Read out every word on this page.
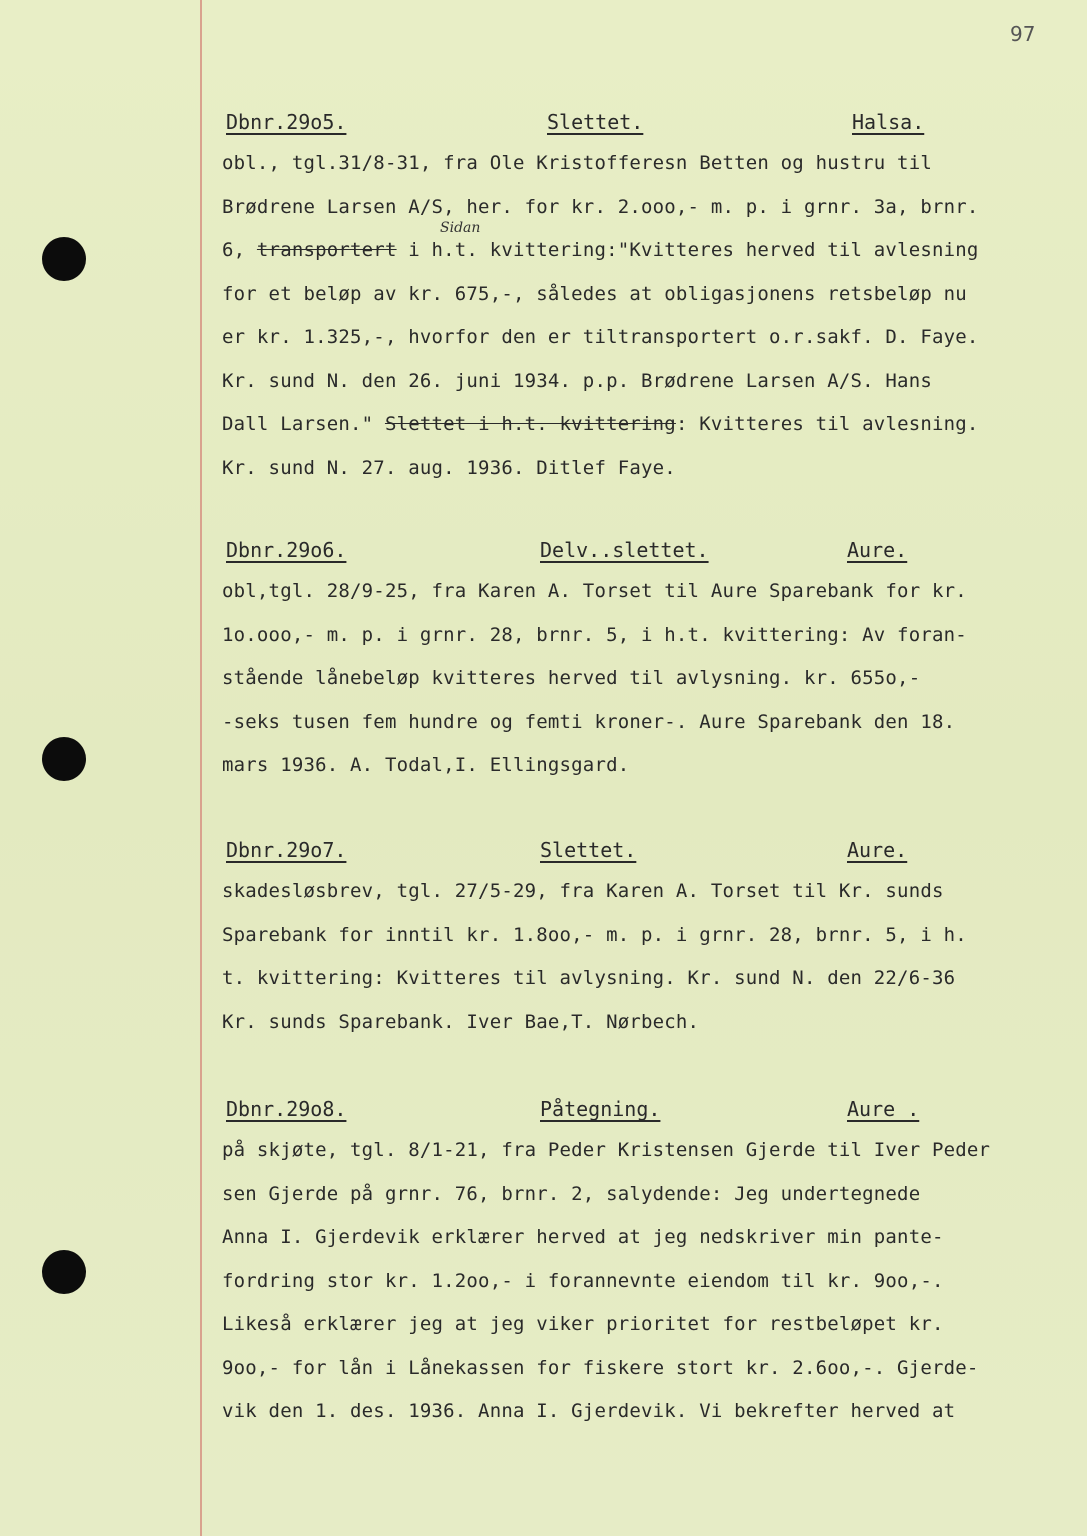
97
Dbnr.29o5.	Slettet.	Halsa.
Sidan
obl., tgl.31/8-31, fra Ole Kristofferesn Betten og hustru til
Brødrene Larsen A/S, her. for kr. 2.ooo,- m. p. i grnr. 3a, brnr.
6, transportert i h.t. kvittering:"Kvitteres herved til avlesning
for et beløp av kr. 675,-, således at obligasjonens retsbeløp nu
er kr. 1.325,-, hvorfor den er tiltransportert o.r.sakf. D. Faye.
Kr. sund N. den 26. juni 1934. p.p. Brødrene Larsen A/S. Hans
Dall Larsen." Slettet i h.t. kvittering: Kvitteres til avlesning.
Kr. sund N. 27. aug. 1936. Ditlef Faye.
Dbnr.29o6.	Delv..slettet.	Aure.
obl,tgl. 28/9-25, fra Karen A. Torset til Aure Sparebank for kr.
1o.ooo,- m. p. i grnr. 28, brnr. 5, i h.t. kvittering: Av foran-
stående lånebeløp kvitteres herved til avlysning. kr. 655o,-
-seks tusen fem hundre og femti kroner-. Aure Sparebank den 18.
mars 1936. A. Todal,I. Ellingsgard.
Dbnr.29o7.	Slettet.	Aure.
skadesløsbrev, tgl. 27/5-29, fra Karen A. Torset til Kr. sunds
Sparebank for inntil kr. 1.8oo,- m. p. i grnr. 28, brnr. 5, i h.
t. kvittering: Kvitteres til avlysning. Kr. sund N. den 22/6-36
Kr. sunds Sparebank. Iver Bae,T. Nørbech.
Dbnr.29o8.	Påtegning.	Aure .
på skjøte, tgl. 8/1-21, fra Peder Kristensen Gjerde til Iver Peder
sen Gjerde på grnr. 76, brnr. 2, salydende: Jeg undertegnede
Anna I. Gjerdevik erklærer herved at jeg nedskriver min pante-
fordring stor kr. 1.2oo,- i forannevnte eiendom til kr. 9oo,-.
Likeså erklærer jeg at jeg viker prioritet for restbeløpet kr.
9oo,- for lån i Lånekassen for fiskere stort kr. 2.6oo,-. Gjerde-
vik den 1. des. 1936. Anna I. Gjerdevik. Vi bekrefter herved at
